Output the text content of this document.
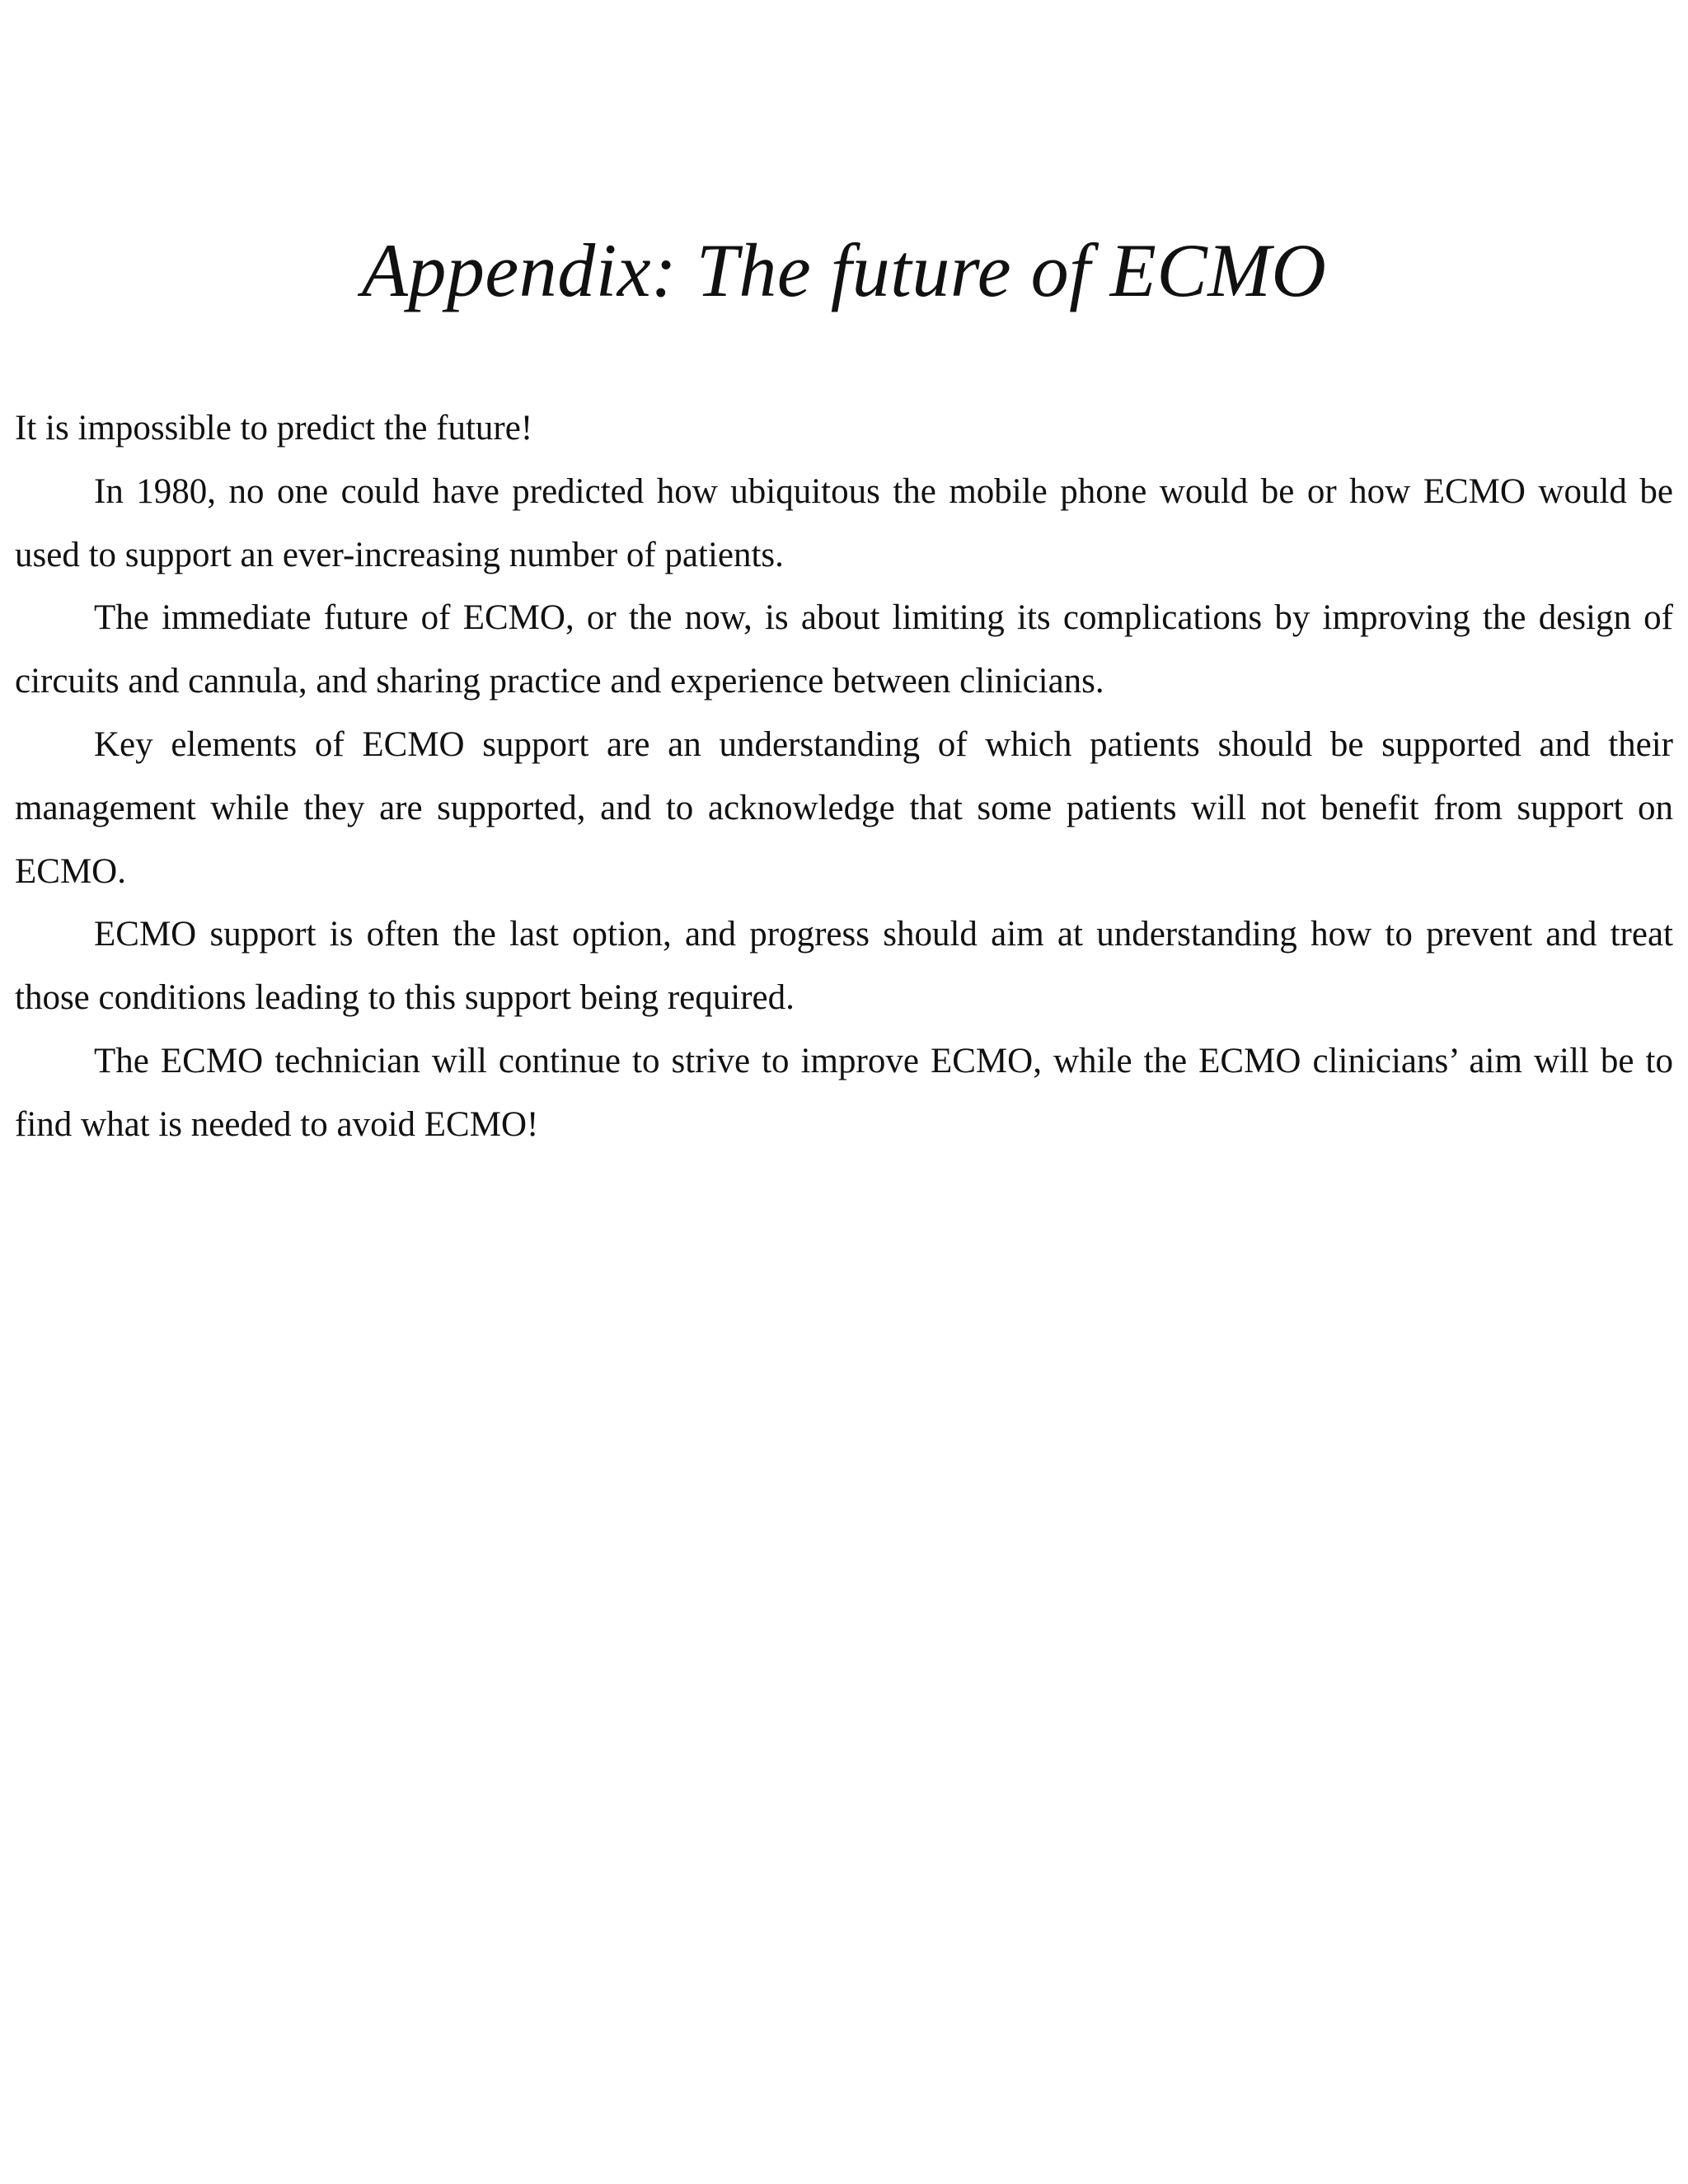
Appendix: The future of ECMO

It is impossible to predict the future!

In 1980, no one could have predicted how ubiquitous the mobile phone would be or how ECMO would be used to support an ever-increasing number of patients.

The immediate future of ECMO, or the now, is about limiting its complications by improving the design of circuits and cannula, and sharing practice and experience between clinicians.

Key elements of ECMO support are an understanding of which patients should be supported and their management while they are supported, and to acknowledge that some patients will not benefit from support on ECMO.

ECMO support is often the last option, and progress should aim at understanding how to prevent and treat those conditions leading to this support being required.

The ECMO technician will continue to strive to improve ECMO, while the ECMO clinicians’ aim will be to find what is needed to avoid ECMO!
